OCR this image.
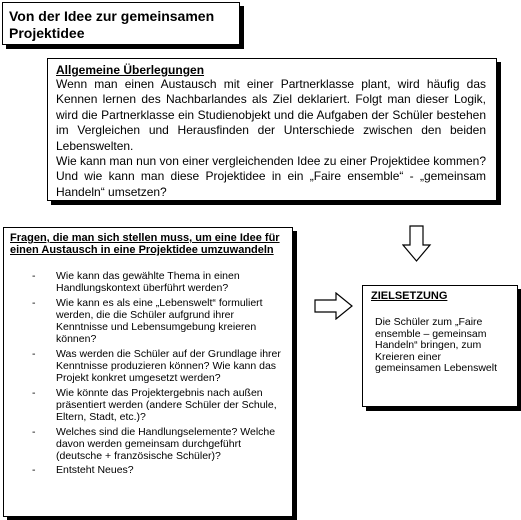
Von der Idee zur gemeinsamen
Projektidee
Allgemeine Überlegungen
Wenn man einen Austausch mit einer Partnerklasse plant, wird häufig das Kennen lernen des Nachbarlandes als Ziel deklariert. Folgt man dieser Logik, wird die Partnerklasse ein Studienobjekt und die Aufgaben der Schüler bestehen im Vergleichen und Herausfinden der Unterschiede zwischen den beiden Lebenswelten.
Wie kann man nun von einer vergleichenden Idee zu einer Projektidee kommen? Und wie kann man diese Projektidee in ein „Faire ensemble“ - „gemeinsam Handeln“ umsetzen?
Fragen, die man sich stellen muss, um eine Idee für einen Austausch in eine Projektidee umzuwandeln
- Wie kann das gewählte Thema in einen Handlungskontext überführt werden?
- Wie kann es als eine „Lebenswelt“ formuliert werden, die die Schüler aufgrund ihrer Kenntnisse und Lebensumgebung kreieren können?
- Was werden die Schüler auf der Grundlage ihrer Kenntnisse produzieren können? Wie kann das Projekt konkret umgesetzt werden?
- Wie könnte das Projektergebnis nach außen präsentiert werden (andere Schüler der Schule, Eltern, Stadt, etc.)?
- Welches sind die Handlungselemente? Welche davon werden gemeinsam durchgeführt (deutsche + französische Schüler)?
- Entsteht Neues?
ZIELSETZUNG
Die Schüler zum „Faire ensemble – gemeinsam Handeln“ bringen, zum Kreieren einer gemeinsamen Lebenswelt
